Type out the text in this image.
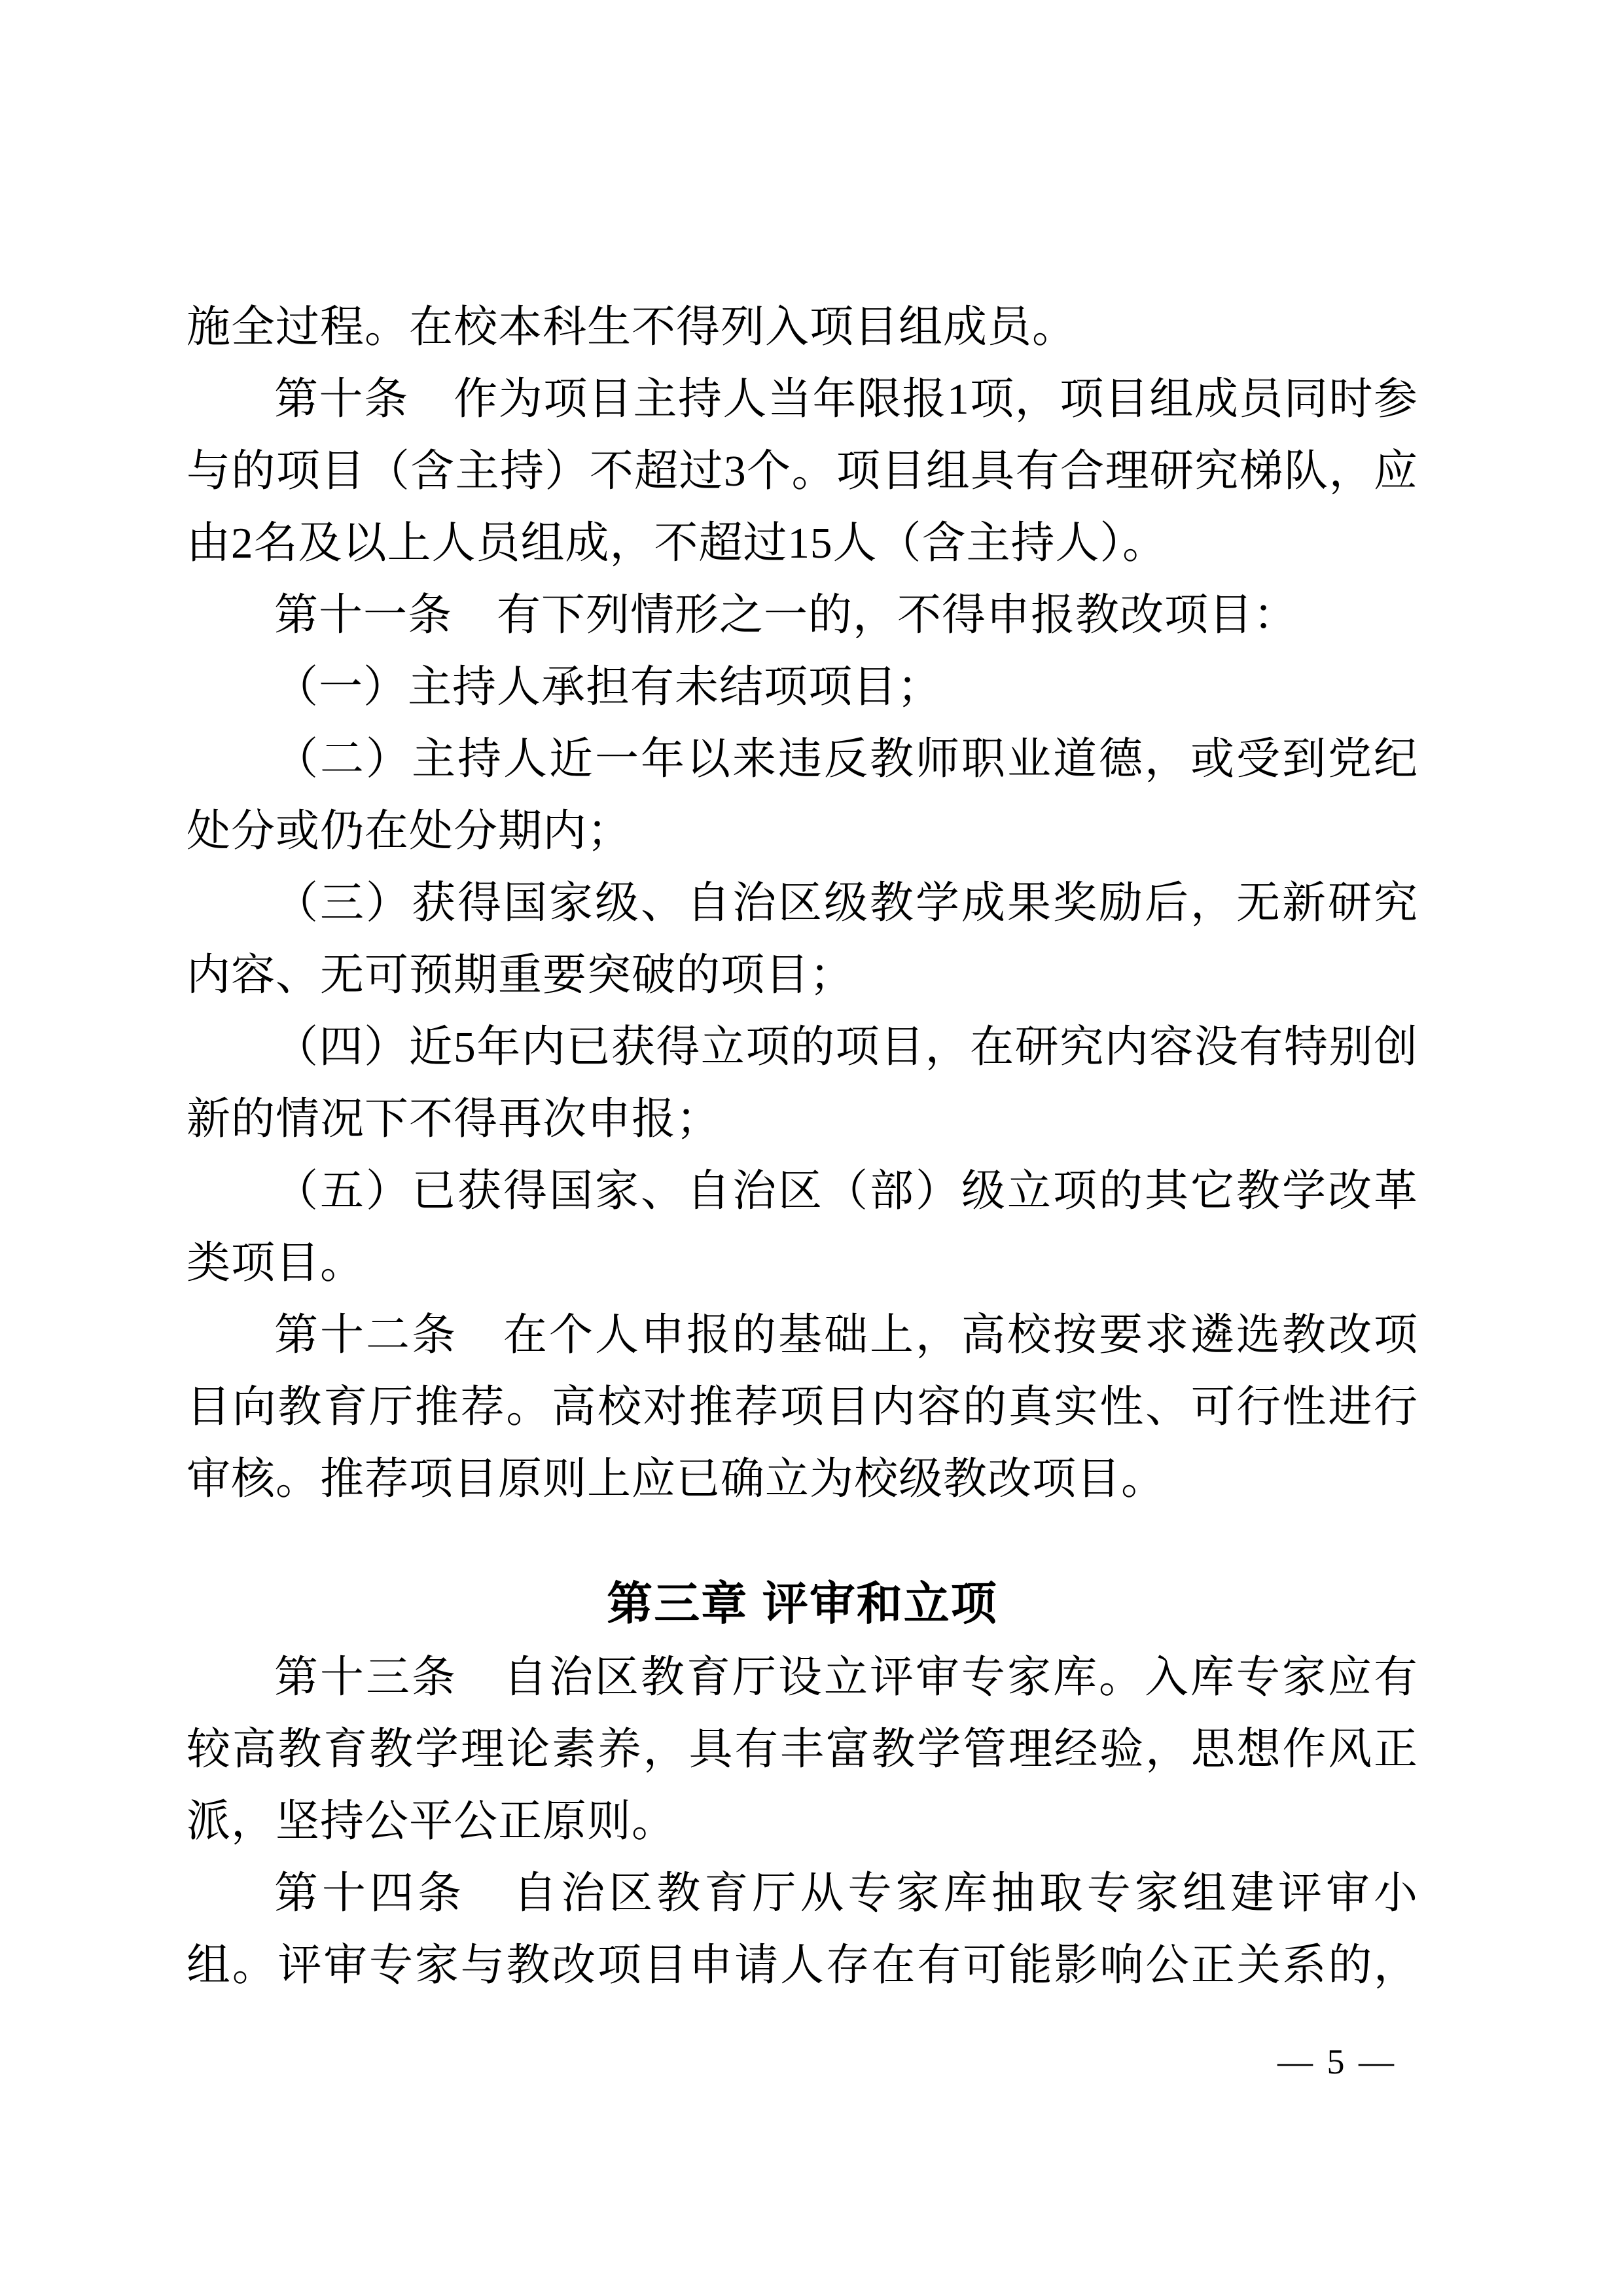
施全过程。在校本科生不得列入项目组成员。
第十条　作为项目主持人当年限报1项，项目组成员同时参
与的项目（含主持）不超过3个。项目组具有合理研究梯队，应
由2名及以上人员组成，不超过15人（含主持人）。
第十一条　有下列情形之一的，不得申报教改项目：
（一）主持人承担有未结项项目；
（二）主持人近一年以来违反教师职业道德，或受到党纪
处分或仍在处分期内；
（三）获得国家级、自治区级教学成果奖励后，无新研究
内容、无可预期重要突破的项目；
（四）近5年内已获得立项的项目，在研究内容没有特别创
新的情况下不得再次申报；
（五）已获得国家、自治区（部）级立项的其它教学改革
类项目。
第十二条　在个人申报的基础上，高校按要求遴选教改项
目向教育厅推荐。高校对推荐项目内容的真实性、可行性进行
审核。推荐项目原则上应已确立为校级教改项目。
第三章 评审和立项
第十三条　自治区教育厅设立评审专家库。入库专家应有
较高教育教学理论素养，具有丰富教学管理经验，思想作风正
派，坚持公平公正原则。
第十四条　自治区教育厅从专家库抽取专家组建评审小
组。评审专家与教改项目申请人存在有可能影响公正关系的，
— 5 —
